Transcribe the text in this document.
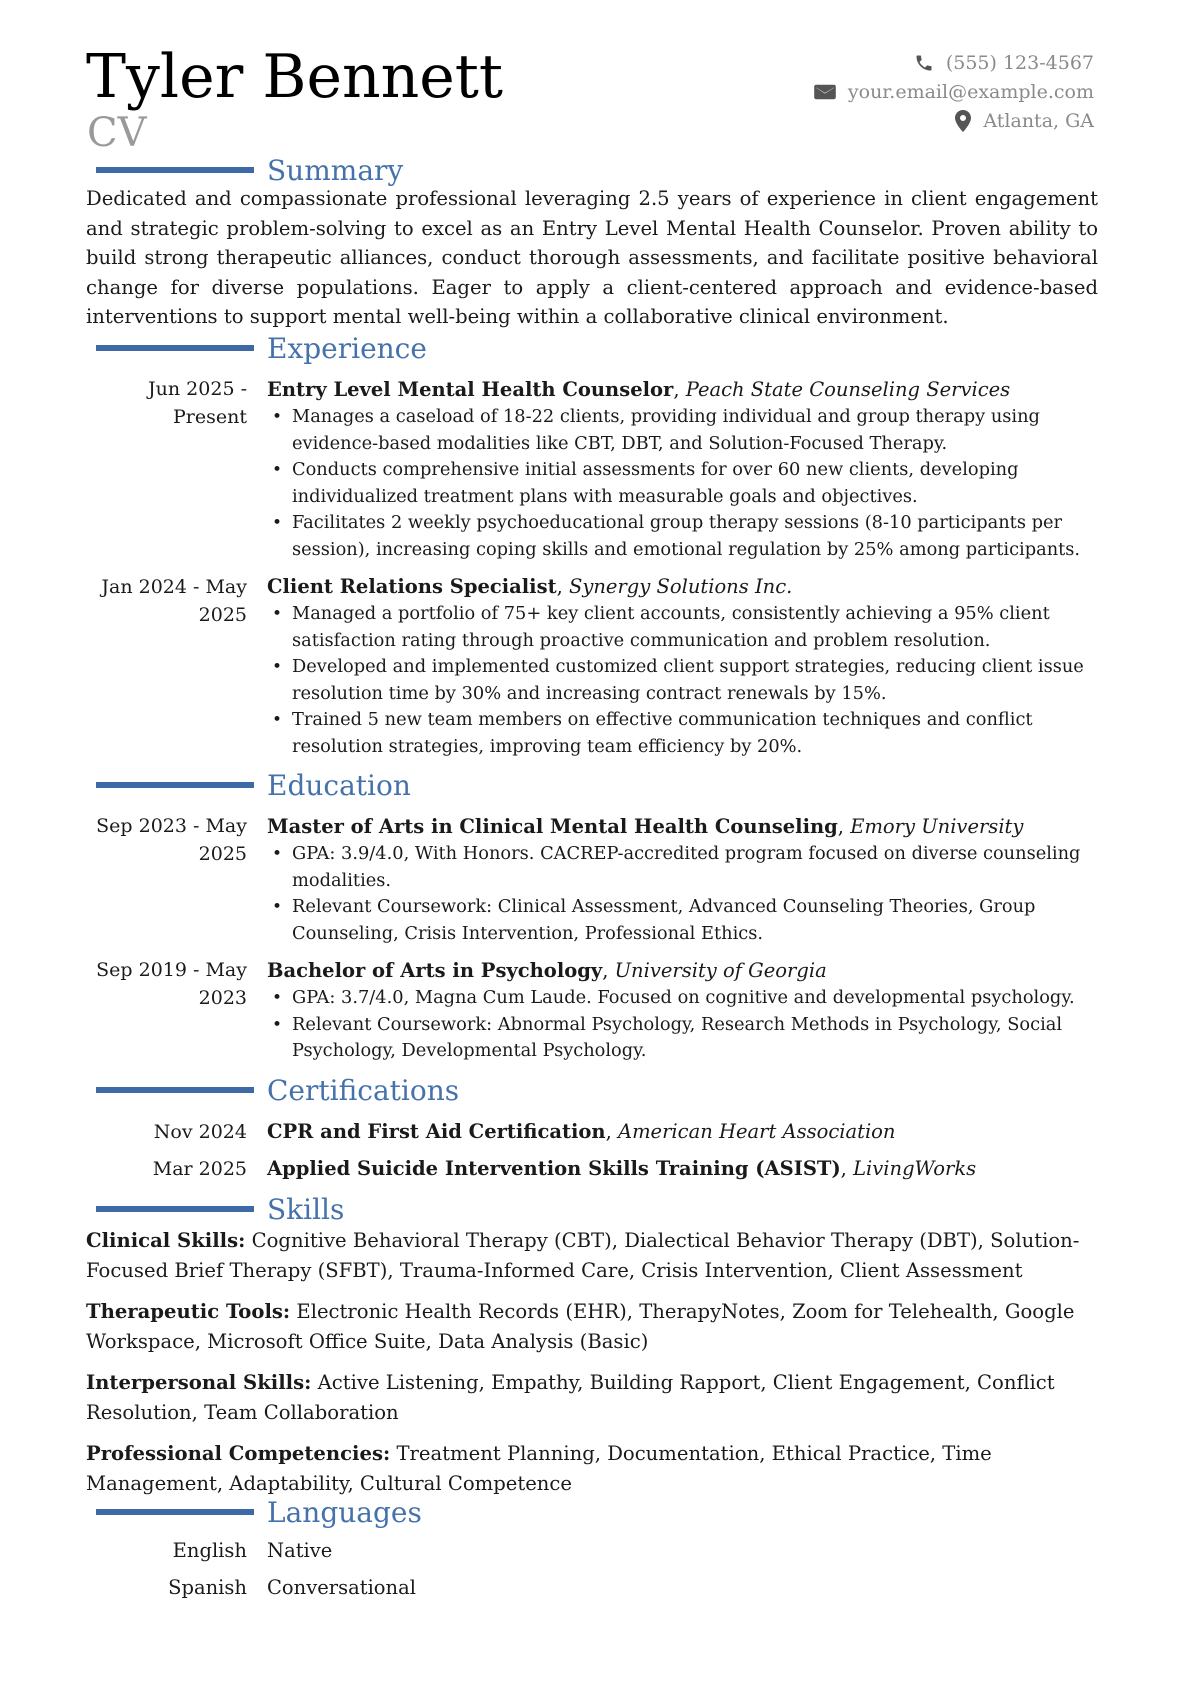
Tyler Bennett
CV
(555) 123-4567
your.email@example.com
Atlanta, GA
Summary
Dedicated and compassionate professional leveraging 2.5 years of experience in client engagement and strategic problem-solving to excel as an Entry Level Mental Health Counselor. Proven ability to build strong therapeutic alliances, conduct thorough assessments, and facilitate positive behavioral change for diverse populations. Eager to apply a client-centered approach and evidence-based interventions to support mental well-being within a collaborative clinical environment.
Experience
Jun 2025 - Present
Entry Level Mental Health Counselor, Peach State Counseling Services
• Manages a caseload of 18-22 clients, providing individual and group therapy using evidence-based modalities like CBT, DBT, and Solution-Focused Therapy.
• Conducts comprehensive initial assessments for over 60 new clients, developing individualized treatment plans with measurable goals and objectives.
• Facilitates 2 weekly psychoeducational group therapy sessions (8-10 participants per session), increasing coping skills and emotional regulation by 25% among participants.
Jan 2024 - May 2025
Client Relations Specialist, Synergy Solutions Inc.
• Managed a portfolio of 75+ key client accounts, consistently achieving a 95% client satisfaction rating through proactive communication and problem resolution.
• Developed and implemented customized client support strategies, reducing client issue resolution time by 30% and increasing contract renewals by 15%.
• Trained 5 new team members on effective communication techniques and conflict resolution strategies, improving team efficiency by 20%.
Education
Sep 2023 - May 2025
Master of Arts in Clinical Mental Health Counseling, Emory University
• GPA: 3.9/4.0, With Honors. CACREP-accredited program focused on diverse counseling modalities.
• Relevant Coursework: Clinical Assessment, Advanced Counseling Theories, Group Counseling, Crisis Intervention, Professional Ethics.
Sep 2019 - May 2023
Bachelor of Arts in Psychology, University of Georgia
• GPA: 3.7/4.0, Magna Cum Laude. Focused on cognitive and developmental psychology.
• Relevant Coursework: Abnormal Psychology, Research Methods in Psychology, Social Psychology, Developmental Psychology.
Certifications
Nov 2024 CPR and First Aid Certification, American Heart Association
Mar 2025 Applied Suicide Intervention Skills Training (ASIST), LivingWorks
Skills
Clinical Skills: Cognitive Behavioral Therapy (CBT), Dialectical Behavior Therapy (DBT), Solution-Focused Brief Therapy (SFBT), Trauma-Informed Care, Crisis Intervention, Client Assessment
Therapeutic Tools: Electronic Health Records (EHR), TherapyNotes, Zoom for Telehealth, Google Workspace, Microsoft Office Suite, Data Analysis (Basic)
Interpersonal Skills: Active Listening, Empathy, Building Rapport, Client Engagement, Conflict Resolution, Team Collaboration
Professional Competencies: Treatment Planning, Documentation, Ethical Practice, Time Management, Adaptability, Cultural Competence
Languages
English Native
Spanish Conversational
